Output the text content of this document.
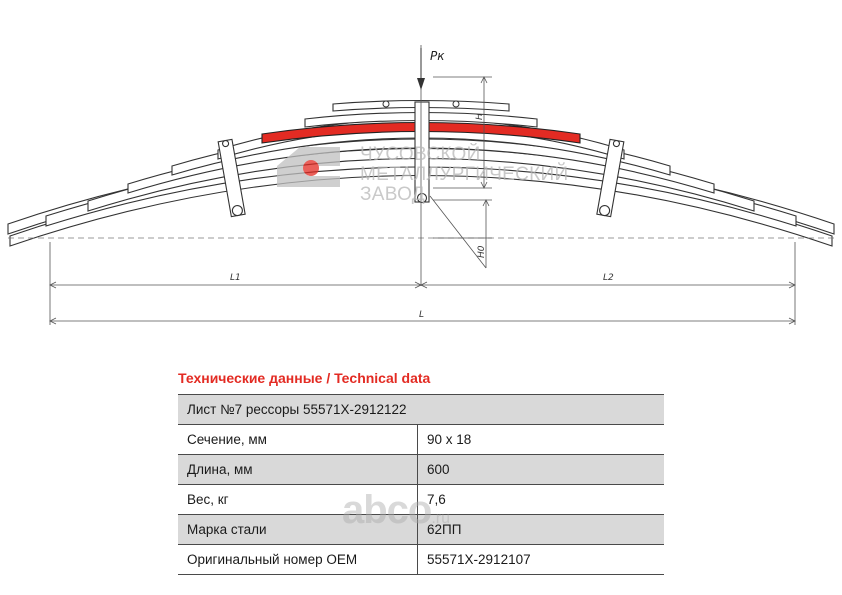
Pк
H
H0
L1	L2
L
ЧУСОВСКОЙ
МЕТАЛЛУРГИЧЕСКИЙ
ЗАВОД
Технические данные / Technical data
Лист №7 рессоры 55571Х-2912122	
Сечение, мм	90 х 18
Длина, мм	600
Вес, кг	7,6
Марка стали	62ПП
Оригинальный номер ОЕМ	55571Х-2912107
abco.ru
